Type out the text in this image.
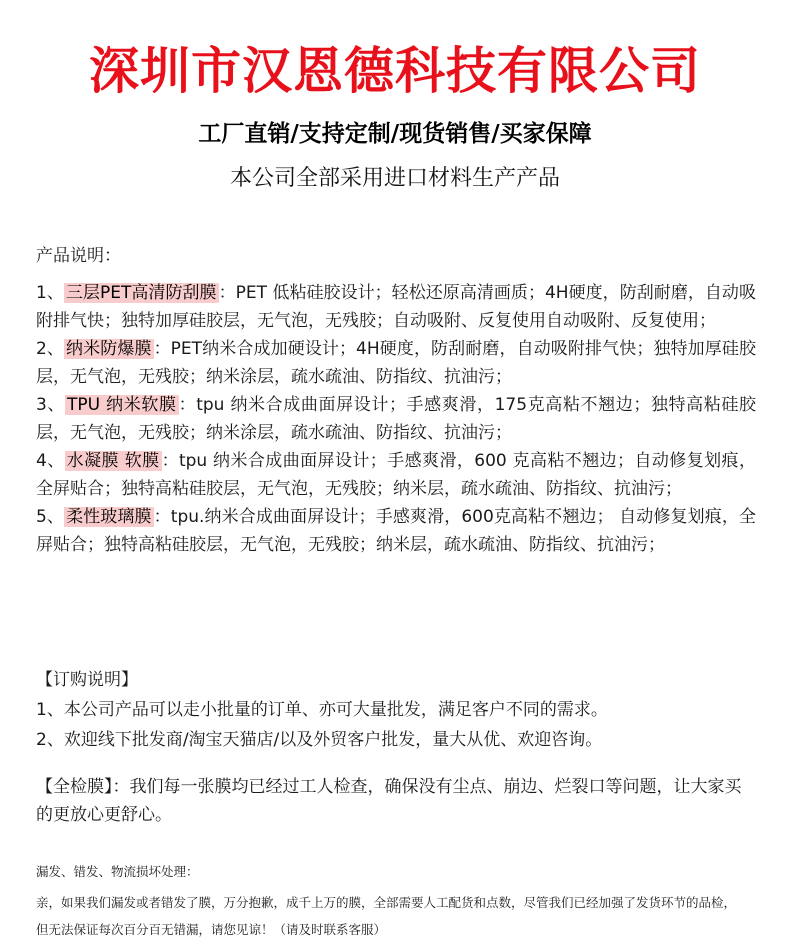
深圳市汉恩德科技有限公司
工厂直销/支持定制/现货销售/买家保障
本公司全部采用进口材料生产产品
产品说明：

1、 三层PET高清防刮膜 ：PET 低粘硅胶设计；轻松还原高清画质；4H硬度，防刮耐磨，自动吸附排气快；独特加厚硅胶层，无气泡，无残胶；自动吸附、反复使用自动吸附、反复使用；

2、 纳米防爆膜 ：PET纳米合成加硬设计；4H硬度，防刮耐磨，自动吸附排气快；独特加厚硅胶层，无气泡，无残胶；纳米涂层，疏水疏油、防指纹、抗油污；

3、 TPU 纳米软膜 ：tpu 纳米合成曲面屏设计；手感爽滑，175克高粘不翘边；独特高粘硅胶层，无气泡，无残胶；纳米涂层，疏水疏油、防指纹、抗油污；

4、 水凝膜 软膜 ：tpu 纳米合成曲面屏设计；手感爽滑，600 克高粘不翘边；自动修复划痕，全屏贴合；独特高粘硅胶层，无气泡，无残胶；纳米层，疏水疏油、防指纹、抗油污；

5、 柔性玻璃膜 ：tpu.纳米合成曲面屏设计；手感爽滑，600克高粘不翘边； 自动修复划痕，全屏贴合；独特高粘硅胶层，无气泡，无残胶；纳米层，疏水疏油、防指纹、抗油污；

【订购说明】

1、本公司产品可以走小批量的订单、亦可大量批发，满足客户不同的需求。

2、欢迎线下批发商/淘宝天猫店/以及外贸客户批发，量大从优、欢迎咨询。

【全检膜】：我们每一张膜均已经过工人检查，确保没有尘点、崩边、烂裂口等问题，让大家买的更放心更舒心。

漏发、错发、物流损坏处理：

亲，如果我们漏发或者错发了膜，万分抱歉，成千上万的膜，全部需要人工配货和点数，尽管我们已经加强了发货环节的品检，但无法保证每次百分百无错漏，请您见谅！（请及时联系客服）
